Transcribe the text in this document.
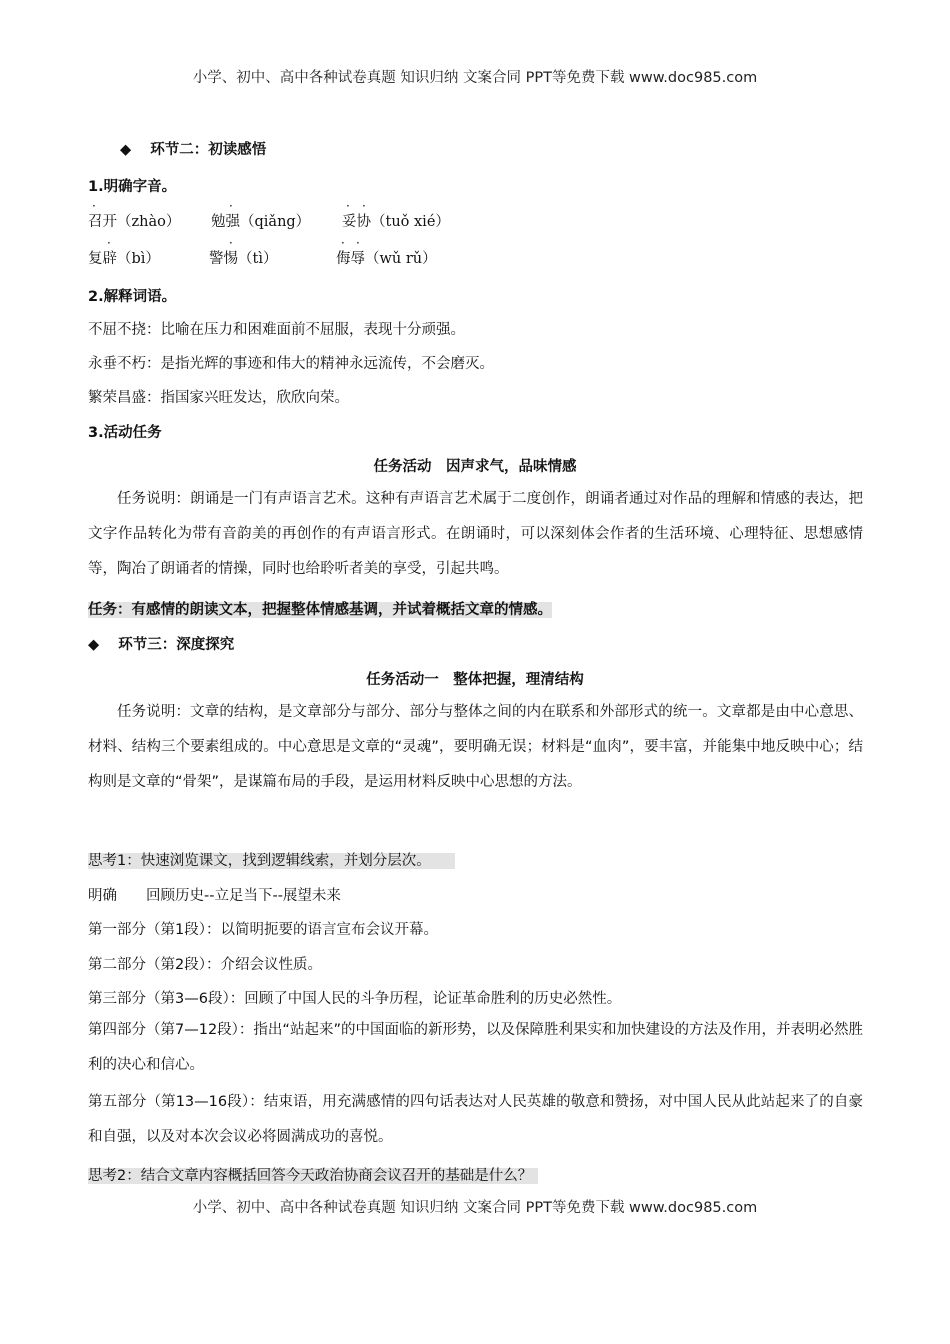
小学、初中、高中各种试卷真题 知识归纳 文案合同 PPT等免费下载 www.doc985.com
◆ 环节二：初读感悟
1.明确字音。
·	·	· ·
·	·	· ·
召开（zhào） 勉强（qiǎng） 妥协（tuǒ xié）
复辟（bì）	警惕（tì）	侮辱（wǔ rǔ）
2.解释词语。
不屈不挠：比喻在压力和困难面前不屈服，表现十分顽强。
永垂不朽：是指光辉的事迹和伟大的精神永远流传，不会磨灭。
繁荣昌盛：指国家兴旺发达，欣欣向荣。
3.活动任务
任务活动　因声求气，品味情感
任务说明：朗诵是一门有声语言艺术。这种有声语言艺术属于二度创作，朗诵者通过对作品的理解和情感的表达，把文字作品转化为带有音韵美的再创作的有声语言形式。在朗诵时，可以深刻体会作者的生活环境、心理特征、思想感情等，陶冶了朗诵者的情操，同时也给聆听者美的享受，引起共鸣。
任务：有感情的朗读文本，把握整体情感基调，并试着概括文章的情感。
◆ 环节三：深度探究
任务活动一　整体把握，理清结构
任务说明：文章的结构，是文章部分与部分、部分与整体之间的内在联系和外部形式的统一。文章都是由中心意思、材料、结构三个要素组成的。中心意思是文章的“灵魂”，要明确无误；材料是“血肉”，要丰富，并能集中地反映中心；结构则是文章的“骨架”，是谋篇布局的手段，是运用材料反映中心思想的方法。
思考1：快速浏览课文，找到逻辑线索，并划分层次。
明确　　回顾历史--立足当下--展望未来
第一部分（第1段）：以简明扼要的语言宣布会议开幕。
第二部分（第2段）：介绍会议性质。
第三部分（第3—6段）：回顾了中国人民的斗争历程，论证革命胜利的历史必然性。
第四部分（第7—12段）：指出“站起来”的中国面临的新形势，以及保障胜利果实和加快建设的方法及作用，并表明必然胜利的决心和信心。
第五部分（第13—16段）：结束语，用充满感情的四句话表达对人民英雄的敬意和赞扬，对中国人民从此站起来了的自豪和自强，以及对本次会议必将圆满成功的喜悦。
思考2：结合文章内容概括回答今天政治协商会议召开的基础是什么？
小学、初中、高中各种试卷真题 知识归纳 文案合同 PPT等免费下载 www.doc985.com
